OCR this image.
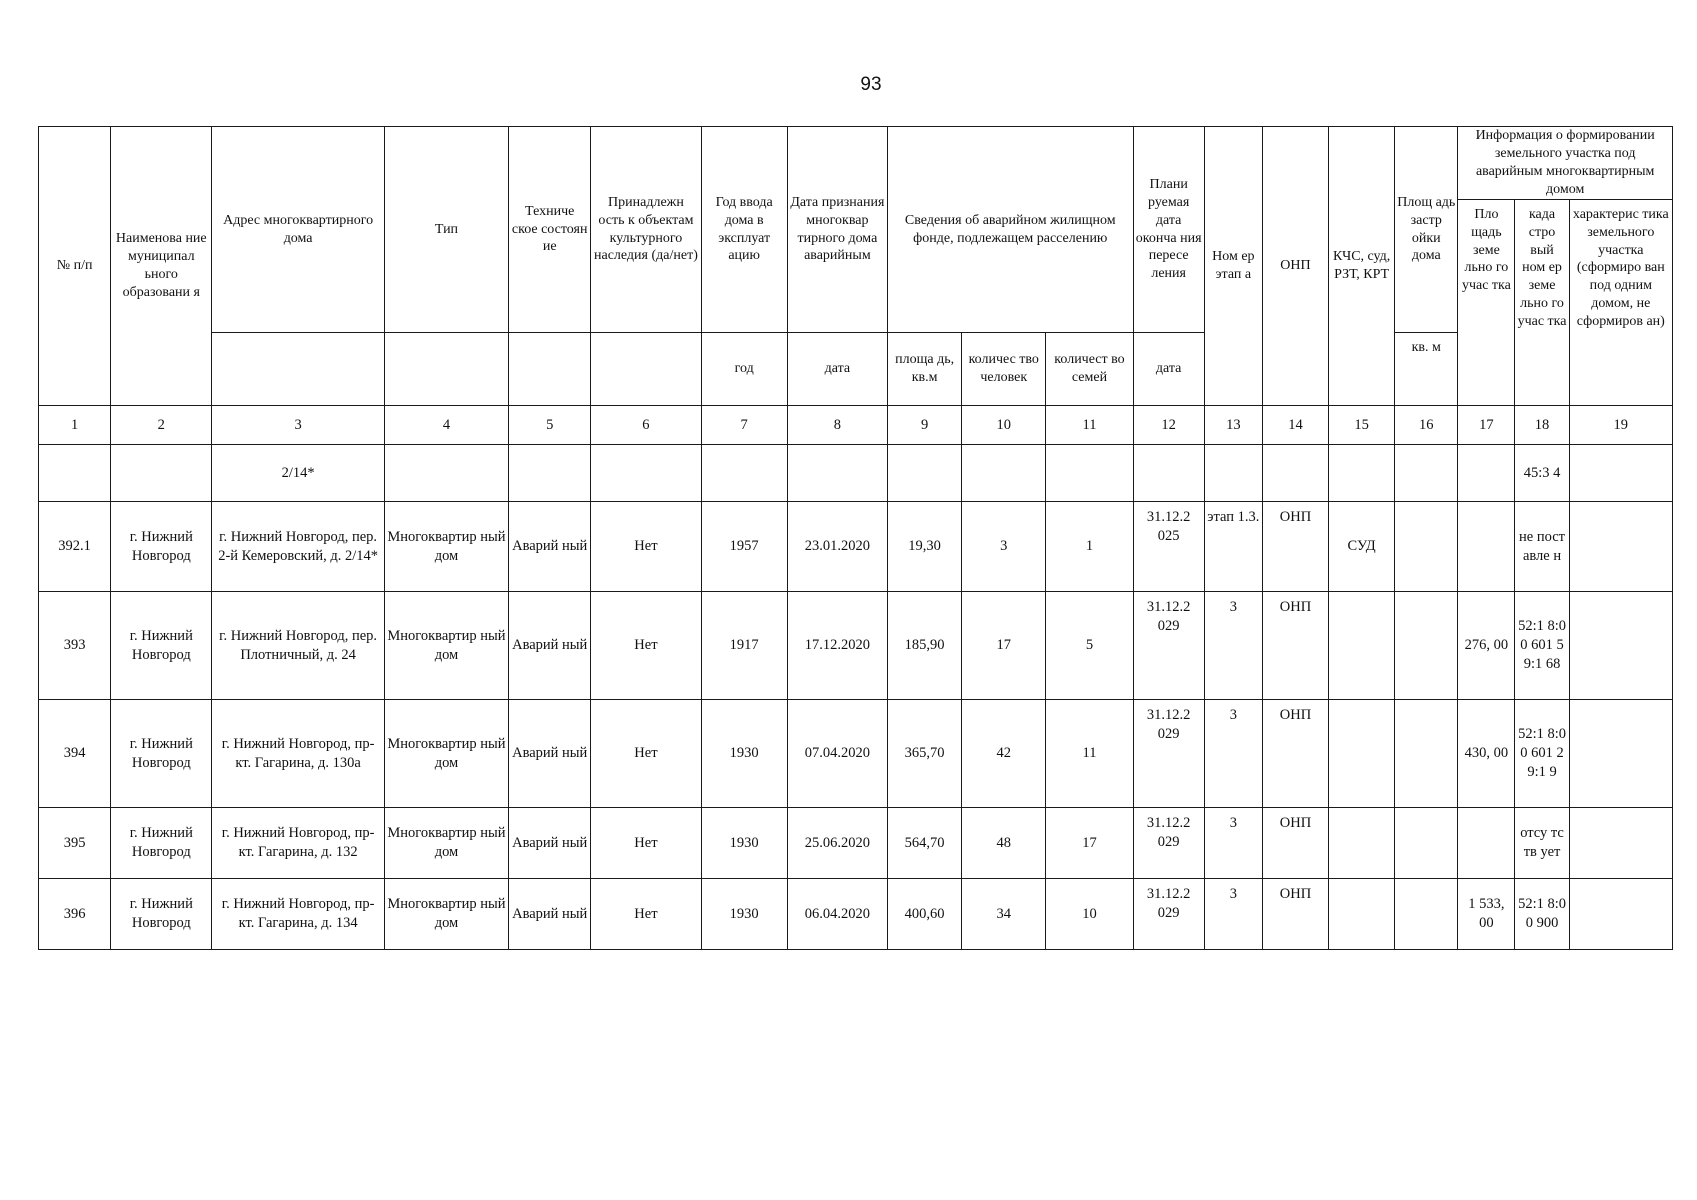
93
№ п/п	Наименова ние муниципал ьного образовани я	Адрес многоквартирного дома	Тип	Техниче ское состоян ие	Принадлежн ость к объектам культурного наследия (да/нет)	Год ввода дома в эксплуат ацию	Дата признания многоквар тирного дома аварийным	Сведения об аварийном жилищном фонде, подлежащем расселению			Плани руемая дата оконча ния пересе ления	Ном ер этап а	ОНП	КЧС, суд, РЗТ, КРТ	Площ адь застр ойки дома	Информация о формировании земельного участка под аварийным многоквартирным домом		
																Пло щадь земе льно го учас тка	када стро вый ном ер земе льно го учас тка	характерис тика земельного участка (сформиро ван под одним домом, не сформиров ан)
						год	дата	площа дь, кв.м	количес тво человек	количест во семей	дата				кв. м			
1	2	3	4	5	6	7	8	9	10	11	12	13	14	15	16	17	18	19
		2/14*															45:3 4	
392.1	г. Нижний Новгород	г. Нижний Новгород, пер. 2-й Кемеровский, д. 2/14*	Многоквартир ный дом	Аварий ный	Нет	1957	23.01.2020	19,30	3	1	31.12.2 025	этап 1.3.	ОНП	СУД			не пост авле н	
393	г. Нижний Новгород	г. Нижний Новгород, пер. Плотничный, д. 24	Многоквартир ный дом	Аварий ный	Нет	1917	17.12.2020	185,90	17	5	31.12.2 029	3	ОНП			276, 00	52:1 8:00 601 59:1 68	
394	г. Нижний Новгород	г. Нижний Новгород, пр-кт. Гагарина, д. 130а	Многоквартир ный дом	Аварий ный	Нет	1930	07.04.2020	365,70	42	11	31.12.2 029	3	ОНП			430, 00	52:1 8:00 601 29:1 9	
395	г. Нижний Новгород	г. Нижний Новгород, пр-кт. Гагарина, д. 132	Многоквартир ный дом	Аварий ный	Нет	1930	25.06.2020	564,70	48	17	31.12.2 029	3	ОНП				отсу тств ует	
396	г. Нижний Новгород	г. Нижний Новгород, пр-кт. Гагарина, д. 134	Многоквартир ный дом	Аварий ный	Нет	1930	06.04.2020	400,60	34	10	31.12.2 029	3	ОНП			1 533, 00	52:1 8:00 900	
